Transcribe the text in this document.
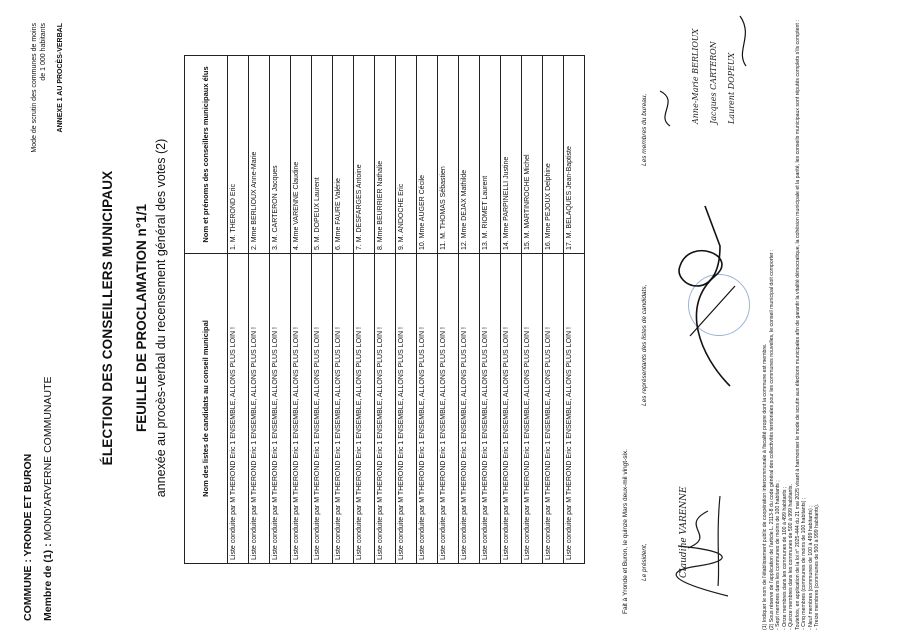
Mode de scrutin des communes de moins de 1 000 habitants ANNEXE 1 AU PROCÈS-VERBAL
COMMUNE : YRONDE ET BURON
Membre de (1) : MOND'ARVERNE COMMUNAUTE	ÉLECTION DES CONSEILLERS MUNICIPAUX FEUILLE DE PROCLAMATION n°1/1 annexée au procès-verbal du recensement général des votes (2)	Nom des listes de candidats au conseil municipal	Nom et prénoms des conseillers municipaux élus
Liste conduite par M THEROND Eric 1 ENSEMBLE, ALLONS PLUS LOIN !	1. M. THEROND Eric
Liste conduite par M THEROND Eric 1 ENSEMBLE, ALLONS PLUS LOIN !	2. Mme BERLIOUX Anne-Marie
Liste conduite par M THEROND Eric 1 ENSEMBLE, ALLONS PLUS LOIN !	3. M. CARTERON Jacques
Liste conduite par M THEROND Eric 1 ENSEMBLE, ALLONS PLUS LOIN !	4. Mme VARENNE Claudine
Liste conduite par M THEROND Eric 1 ENSEMBLE, ALLONS PLUS LOIN !	5. M. DOPEUX Laurent
Liste conduite par M THEROND Eric 1 ENSEMBLE, ALLONS PLUS LOIN !	6. Mme FAURE Valérie
Liste conduite par M THEROND Eric 1 ENSEMBLE, ALLONS PLUS LOIN !	7. M. DESFARGES Antoine
Liste conduite par M THEROND Eric 1 ENSEMBLE, ALLONS PLUS LOIN !	8. Mme BEURRIER Nathalie
Liste conduite par M THEROND Eric 1 ENSEMBLE, ALLONS PLUS LOIN !	9. M. ANDOCHE Eric
Liste conduite par M THEROND Eric 1 ENSEMBLE, ALLONS PLUS LOIN !	10. Mme AUGER Cécile
Liste conduite par M THEROND Eric 1 ENSEMBLE, ALLONS PLUS LOIN !	11. M. THOMAS Sébastien
Liste conduite par M THEROND Eric 1 ENSEMBLE, ALLONS PLUS LOIN !	12. Mme DEJAX Mathilde
Liste conduite par M THEROND Eric 1 ENSEMBLE, ALLONS PLUS LOIN !	13. M. RIOMET Laurent
Liste conduite par M THEROND Eric 1 ENSEMBLE, ALLONS PLUS LOIN !	14. Mme PARPINELLI Justine
Liste conduite par M THEROND Eric 1 ENSEMBLE, ALLONS PLUS LOIN !	15. M. MARTINROCHE Michel
Liste conduite par M THEROND Eric 1 ENSEMBLE, ALLONS PLUS LOIN !	16. Mme PEJOUX Delphine
Liste conduite par M THEROND Eric 1 ENSEMBLE, ALLONS PLUS LOIN !	17. M. BELAQUES Jean-Baptiste
Fait à Yronde et Buron, le quinze Mars deux-mil vingt-six. Le président,
Les représentants des listes de candidats,
Les membres du bureau,
Claudine VARENNE
Anne-Marie BERLIOUX Jacques CARTERON Laurent DOPEUX

(1) Indiquer le nom de l'établissement public de coopération intercommunale à fiscalité propre dont la commune est membre. (2) Sous réserve de l'application de l'article L. 2113-8 du code général des collectivités territoriales pour les communes nouvelles, le conseil municipal doit comporter : - Sept membres dans les communes de moins de 100 habitants ; - Onze membres dans les communes de 100 à 499 habitants ; - Quinze membres dans les communes de 500 à 999 habitants. Toutefois, en application de la loi n° 2025-444 du 21 mai 2025 visant à harmoniser le mode de scrutin aux élections municipales afin de garantir la vitalité démocratique, la cohésion municipale et la parité, les conseils municipaux sont réputés complets s'ils comptent : - Cinq membres (communes de moins de 100 habitants) ; - Neuf membres (communes de 100 à 499 habitants) ; - Treize membres (communes de 500 à 999 habitants).
